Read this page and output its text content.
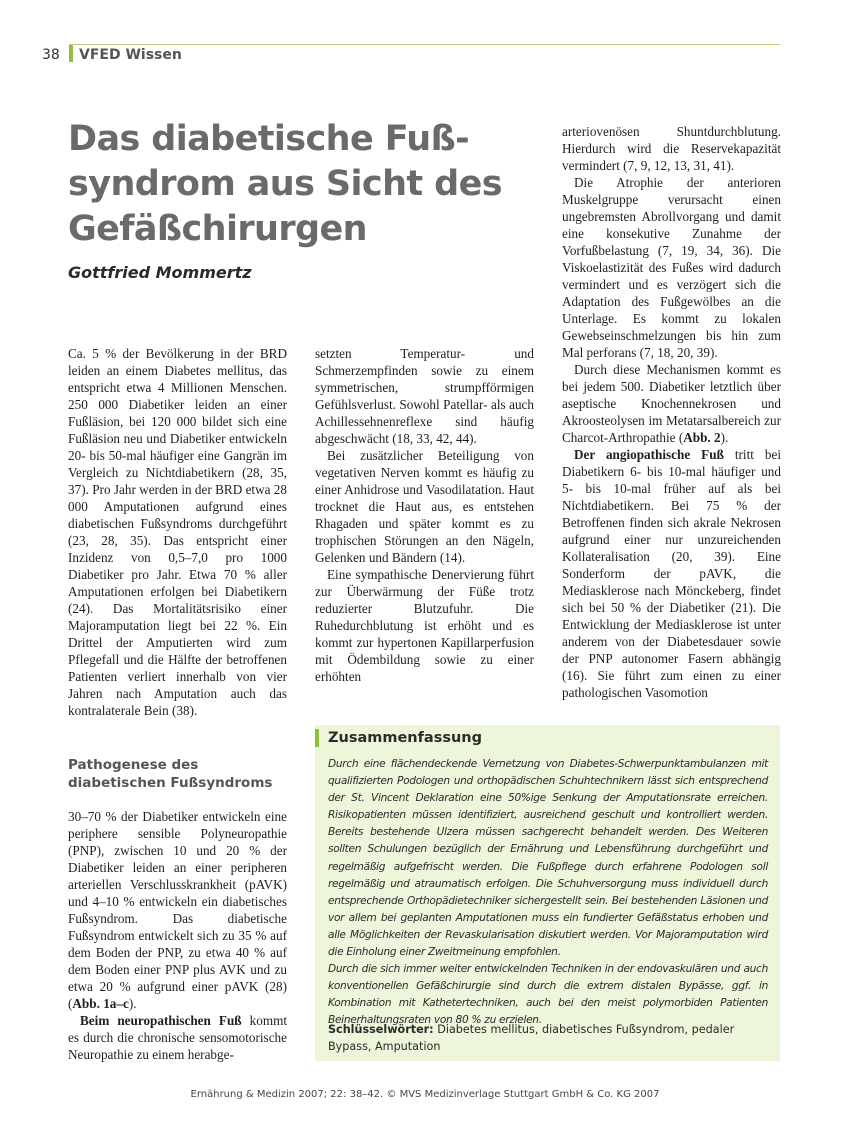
38 VFED Wissen
Das diabetische Fuß-syndrom aus Sicht des Gefäßchirurgen
Gottfried Mommertz

Ca. 5 % der Bevölkerung in der BRD leiden an einem Diabetes mellitus, das entspricht etwa 4 Millionen Menschen. 250 000 Diabetiker leiden an einer Fußläsion, bei 120 000 bildet sich eine Fußläsion neu und Diabetiker entwickeln 20- bis 50-mal häufiger eine Gangrän im Vergleich zu Nichtdiabetikern (28, 35, 37). Pro Jahr werden in der BRD etwa 28 000 Amputationen aufgrund eines diabetischen Fußsyndroms durchgeführt (23, 28, 35). Das entspricht einer Inzidenz von 0,5–7,0 pro 1000 Diabetiker pro Jahr. Etwa 70 % aller Amputationen erfolgen bei Diabetikern (24). Das Mortalitätsrisiko einer Majoramputation liegt bei 22 %. Ein Drittel der Amputierten wird zum Pflegefall und die Hälfte der betroffenen Patienten verliert innerhalb von vier Jahren nach Amputation auch das kontralaterale Bein (38).

Pathogenese des diabetischen Fußsyndroms

30–70 % der Diabetiker entwickeln eine periphere sensible Polyneuropathie (PNP), zwischen 10 und 20 % der Diabetiker leiden an einer peripheren arteriellen Verschlusskrankheit (pAVK) und 4–10 % entwickeln ein diabetisches Fußsyndrom. Das diabetische Fußsyndrom entwickelt sich zu 35 % auf dem Boden der PNP, zu etwa 40 % auf dem Boden einer PNP plus AVK und zu etwa 20 % aufgrund einer pAVK (28) (Abb. 1a–c).

Beim neuropathischen Fuß kommt es durch die chronische sensomotorische Neuropathie zu einem herabge-

setzten Temperatur- und Schmerzempfinden sowie zu einem symmetrischen, strumpfförmigen Gefühlsverlust. Sowohl Patellar- als auch Achillessehnenreflexe sind häufig abgeschwächt (18, 33, 42, 44).

Bei zusätzlicher Beteiligung von vegetativen Nerven kommt es häufig zu einer Anhidrose und Vasodilatation. Haut trocknet die Haut aus, es entstehen Rhagaden und später kommt es zu trophischen Störungen an den Nägeln, Gelenken und Bändern (14).

Eine sympathische Denervierung führt zur Überwärmung der Füße trotz reduzierter Blutzufuhr. Die Ruhedurchblutung ist erhöht und es kommt zur hypertonen Kapillarperfusion mit Ödembildung sowie zu einer erhöhten

arteriovenösen Shuntdurchblutung. Hierdurch wird die Reservekapazität vermindert (7, 9, 12, 13, 31, 41).

Die Atrophie der anterioren Muskelgruppe verursacht einen ungebremsten Abrollvorgang und damit eine konsekutive Zunahme der Vorfußbelastung (7, 19, 34, 36). Die Viskoelastizität des Fußes wird dadurch vermindert und es verzögert sich die Adaptation des Fußgewölbes an die Unterlage. Es kommt zu lokalen Gewebseinschmelzungen bis hin zum Mal perforans (7, 18, 20, 39).

Durch diese Mechanismen kommt es bei jedem 500. Diabetiker letztlich über aseptische Knochennekrosen und Akroosteolysen im Metatarsalbereich zur Charcot-Arthropathie (Abb. 2).

Der angiopathische Fuß tritt bei Diabetikern 6- bis 10-mal häufiger und 5- bis 10-mal früher auf als bei Nichtdiabetikern. Bei 75 % der Betroffenen finden sich akrale Nekrosen aufgrund einer nur unzureichenden Kollateralisation (20, 39). Eine Sonderform der pAVK, die Mediasklerose nach Mönckeberg, findet sich bei 50 % der Diabetiker (21). Die Entwicklung der Mediasklerose ist unter anderem von der Diabetesdauer sowie der PNP autonomer Fasern abhängig (16). Sie führt zum einen zu einer pathologischen Vasomotion

Zusammenfassung

Durch eine flächendeckende Vernetzung von Diabetes-Schwerpunktambulanzen mit qualifizierten Podologen und orthopädischen Schuhtechnikern lässt sich entsprechend der St. Vincent Deklaration eine 50%ige Senkung der Amputationsrate erreichen. Risikopatienten müssen identifiziert, ausreichend geschult und kontrolliert werden. Bereits bestehende Ulzera müssen sachgerecht behandelt werden. Des Weiteren sollten Schulungen bezüglich der Ernährung und Lebensführung durchgeführt und regelmäßig aufgefrischt werden. Die Fußpflege durch erfahrene Podologen soll regelmäßig und atraumatisch erfolgen. Die Schuhversorgung muss individuell durch entsprechende Orthopädietechniker sichergestellt sein. Bei bestehenden Läsionen und vor allem bei geplanten Amputationen muss ein fundierter Gefäßstatus erhoben und alle Möglichkeiten der Revaskularisation diskutiert werden. Vor Majoramputation wird die Einholung einer Zweitmeinung empfohlen.

Durch die sich immer weiter entwickelnden Techniken in der endovaskulären und auch konventionellen Gefäßchirurgie sind durch die extrem distalen Bypässe, ggf. in Kombination mit Kathetertechniken, auch bei den meist polymorbiden Patienten Beinerhaltungsraten von 80 % zu erzielen.

Schlüsselwörter: Diabetes mellitus, diabetisches Fußsyndrom, pedaler Bypass, Amputation
Ernährung & Medizin 2007; 22: 38–42. © MVS Medizinverlage Stuttgart GmbH & Co. KG 2007
